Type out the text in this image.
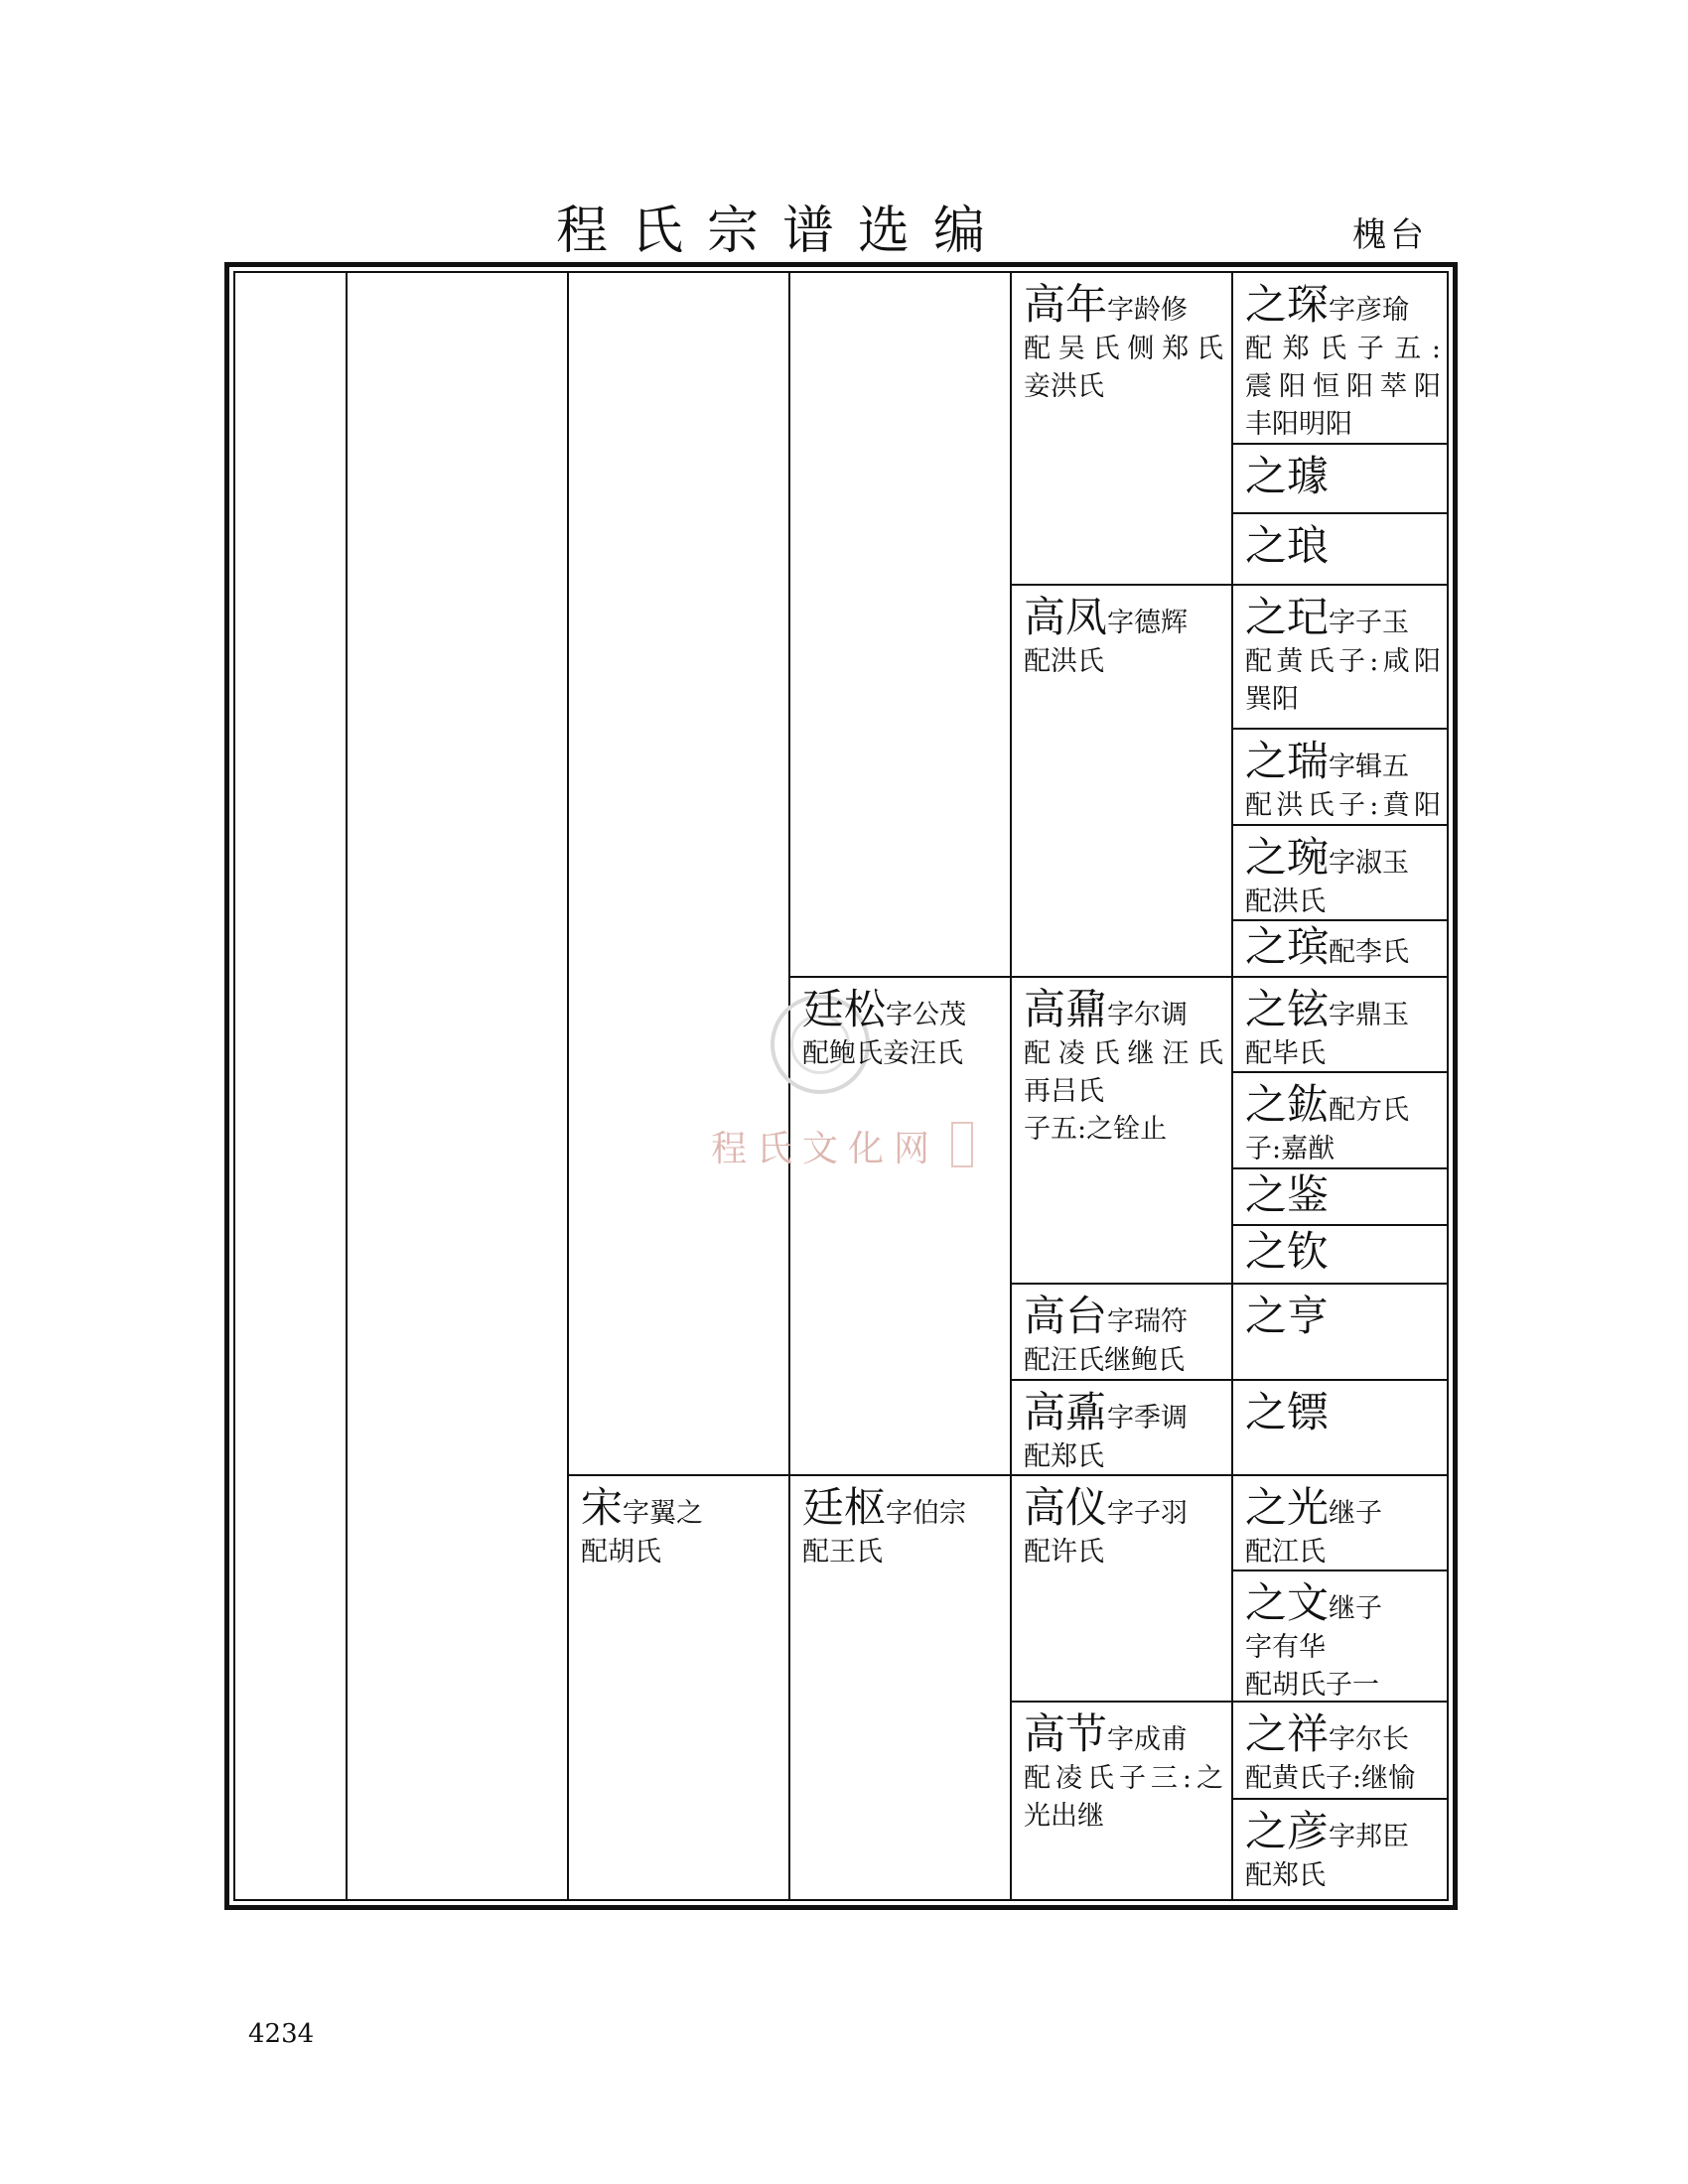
程氏宗谱选编	槐台
程氏文化网
宋字翼之
配胡氏
廷松字公茂
配鲍氏妾汪氏
廷枢字伯宗
配王氏
高年字龄修
配吴氏侧郑氏
妾洪氏
高凤字德辉
配洪氏
高鼐字尔调
配凌氏继汪氏
再吕氏
子五:之铨止
高台字瑞符
配汪氏继鲍氏
高鼒字季调
配郑氏
高仪字子羽
配许氏
高节字成甫
配凌氏子三:之
光出继
之琛字彦瑜
配郑氏子五:
震阳恒阳萃阳
丰阳明阳
之璩
之琅
之玘字子玉
配黄氏子:咸阳
巽阳
之瑞字辑五
配洪氏子:賁阳
之琬字淑玉
配洪氏
之瑸配李氏
之铉字鼎玉
配毕氏
之鈜配方氏
子:嘉猷
之鉴
之钦
之亨
之镖
之光继子
配江氏
之文继子
字有华
配胡氏子一
之祥字尔长
配黄氏子:继愉
之彦字邦臣
配郑氏
4234
